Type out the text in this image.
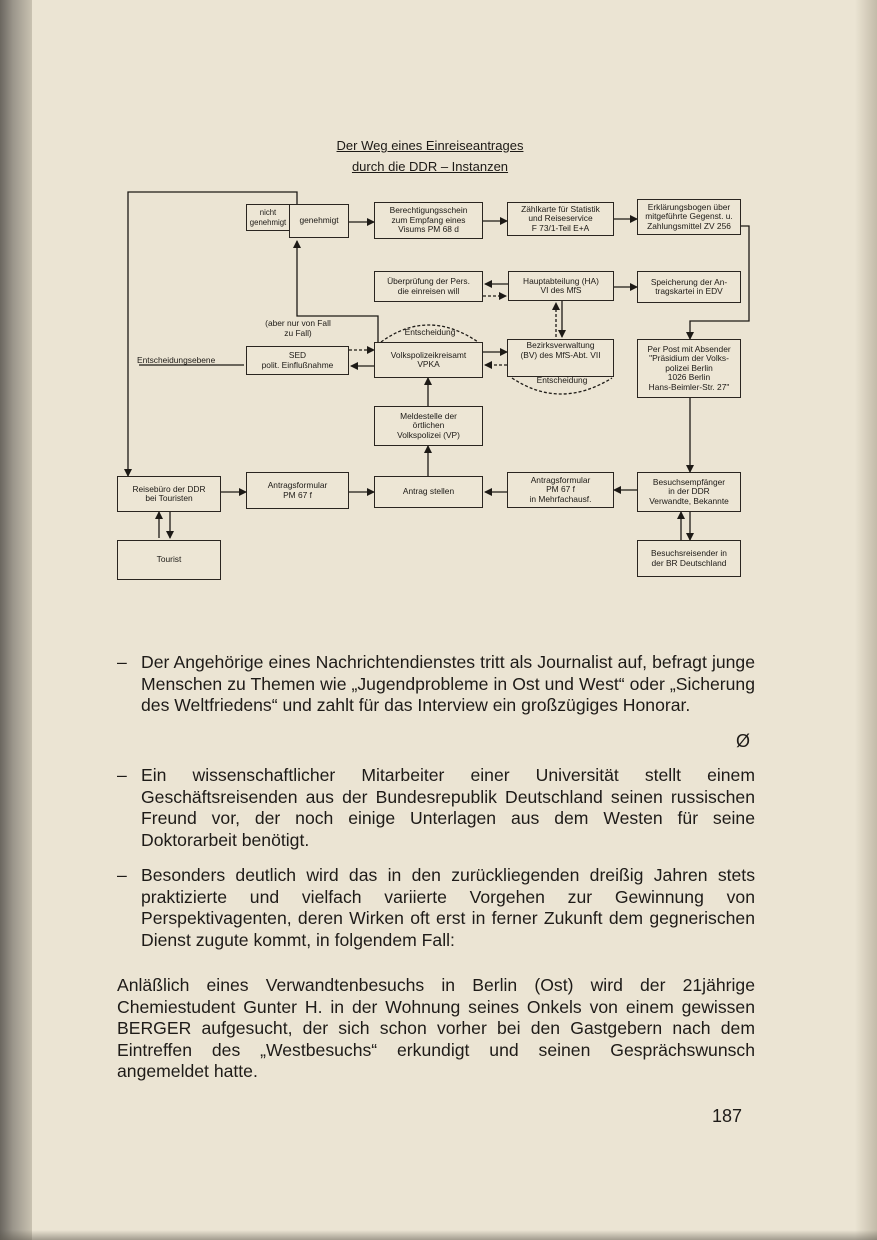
Der Weg eines Einreiseantrages
durch die DDR – Instanzen
nicht
genehmigt	genehmigt
Berechtigungsschein
zum Empfang eines
Visums PM 68 d
Zählkarte für Statistik
und Reiseservice
F 73/1-Teil E+A
Erklärungsbogen über
mitgeführte Gegenst. u.
Zahlungsmittel ZV 256
Überprüfung der Pers.
die einreisen will
Hauptabteilung (HA)
VI des MfS
Speicherung der An-
tragskartei in EDV
(aber nur von Fall
zu Fall)	Entscheidung
Entscheidungsebene	SED
polit. Einflußnahme
Volkspolizeikreisamt
VPKA
Bezirksverwaltung
(BV) des MfS-Abt. VII
Entscheidung
Per Post mit Absender
"Präsidium der Volks-
polizei Berlin
1026 Berlin
Hans-Beimler-Str. 27"
Meldestelle der
örtlichen
Volkspolizei (VP)
Reisebüro der DDR
bei Touristen
Antragsformular
PM 67 f	Antrag stellen
Antragsformular
PM 67 f
in Mehrfachausf.
Besuchsempfänger
in der DDR
Verwandte, Bekannte
Tourist
Besuchsreisender in
der BR Deutschland

– Der Angehörige eines Nachrichtendienstes tritt als Journalist auf, befragt junge Menschen zu Themen wie „Jugendprobleme in Ost und West“ oder „Sicherung des Weltfriedens“ und zahlt für das Interview ein großzügiges Honorar.

Ø

– Ein wissenschaftlicher Mitarbeiter einer Universität stellt einem Geschäftsreisenden aus der Bundesrepublik Deutschland seinen russischen Freund vor, der noch einige Unterlagen aus dem Westen für seine Doktorarbeit benötigt.

– Besonders deutlich wird das in den zurückliegenden dreißig Jahren stets praktizierte und vielfach variierte Vorgehen zur Gewinnung von Perspektivagenten, deren Wirken oft erst in ferner Zukunft dem gegnerischen Dienst zugute kommt, in folgendem Fall:

Anläßlich eines Verwandtenbesuchs in Berlin (Ost) wird der 21jährige Chemiestudent Gunter H. in der Wohnung seines Onkels von einem gewissen BERGER aufgesucht, der sich schon vorher bei den Gastgebern nach dem Eintreffen des „Westbesuchs“ erkundigt und seinen Gesprächswunsch angemeldet hatte.
187
